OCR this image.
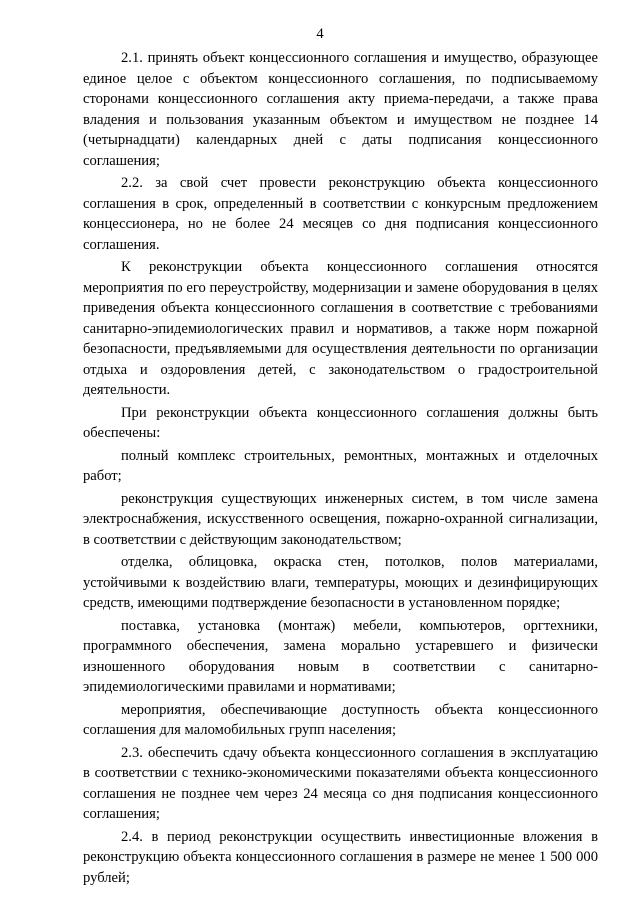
4

2.1. принять объект концессионного соглашения и имущество, образующее единое целое с объектом концессионного соглашения, по подписываемому сторонами концессионного соглашения акту приема-передачи, а также права владения и пользования указанным объектом и имуществом не позднее 14 (четырнадцати) календарных дней с даты подписания концессионного соглашения;

2.2. за свой счет провести реконструкцию объекта концессионного соглашения в срок, определенный в соответствии с конкурсным предложением концессионера, но не более 24 месяцев со дня подписания концессионного соглашения.

К реконструкции объекта концессионного соглашения относятся мероприятия по его переустройству, модернизации и замене оборудования в целях приведения объекта концессионного соглашения в соответствие с требованиями санитарно-эпидемиологических правил и нормативов, а также норм пожарной безопасности, предъявляемыми для осуществления деятельности по организации отдыха и оздоровления детей, с законодательством о градостроительной деятельности.

При реконструкции объекта концессионного соглашения должны быть обеспечены:

полный комплекс строительных, ремонтных, монтажных и отделочных работ;

реконструкция существующих инженерных систем, в том числе замена электроснабжения, искусственного освещения, пожарно-охранной сигнализации, в соответствии с действующим законодательством;

отделка, облицовка, окраска стен, потолков, полов материалами, устойчивыми к воздействию влаги, температуры, моющих и дезинфицирующих средств, имеющими подтверждение безопасности в установленном порядке;

поставка, установка (монтаж) мебели, компьютеров, оргтехники, программного обеспечения, замена морально устаревшего и физически изношенного оборудования новым в соответствии с санитарно-эпидемиологическими правилами и нормативами;

мероприятия, обеспечивающие доступность объекта концессионного соглашения для маломобильных групп населения;

2.3. обеспечить сдачу объекта концессионного соглашения в эксплуатацию в соответствии с технико-экономическими показателями объекта концессионного соглашения не позднее чем через 24 месяца со дня подписания концессионного соглашения;

2.4. в период реконструкции осуществить инвестиционные вложения в реконструкцию объекта концессионного соглашения в размере не менее 1 500 000 рублей;
